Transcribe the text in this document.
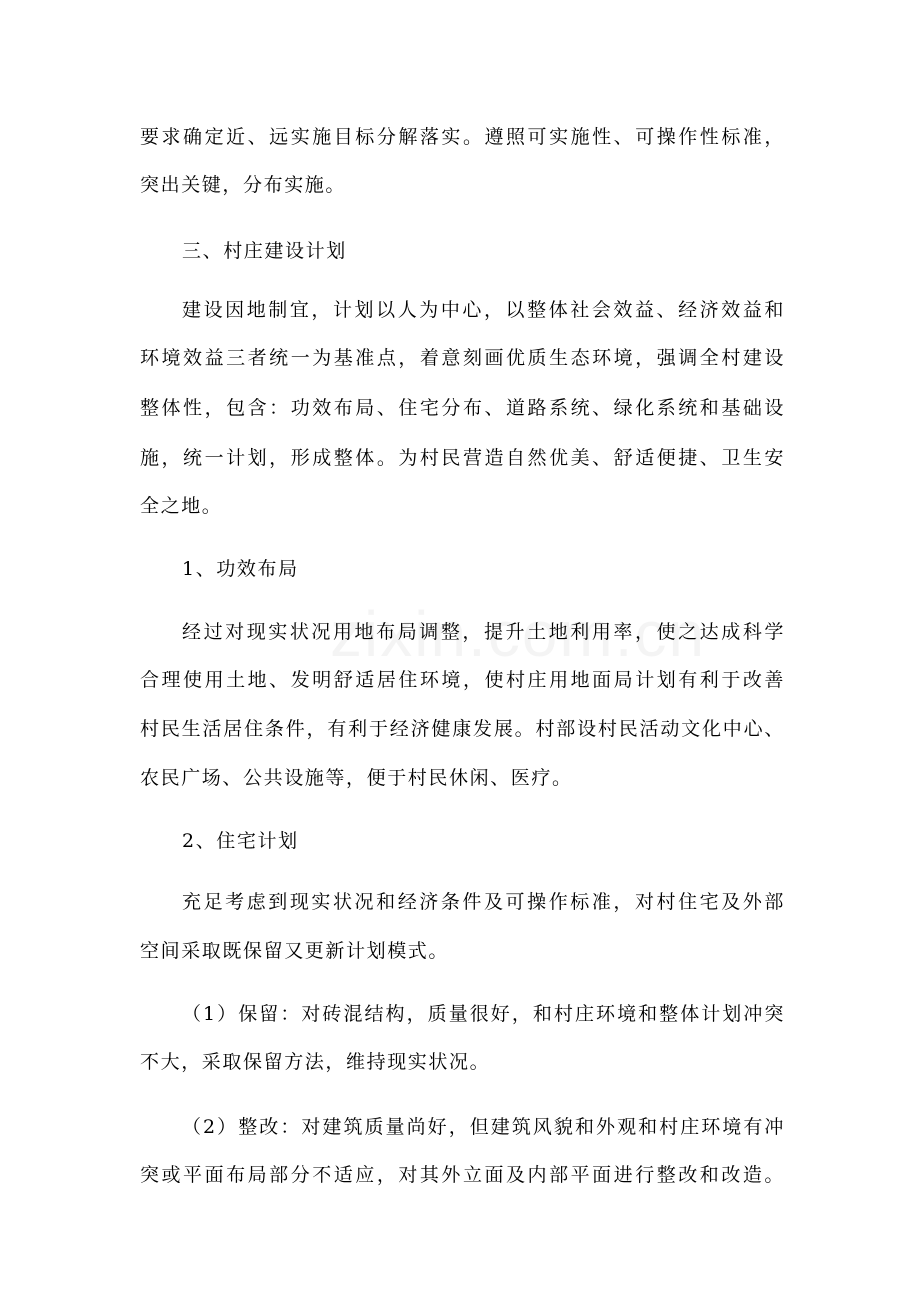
要求确定近、远实施目标分解落实。遵照可实施性、可操作性标准，
突出关键，分布实施。
三、村庄建设计划
建设因地制宜，计划以人为中心，以整体社会效益、经济效益和
环境效益三者统一为基准点，着意刻画优质生态环境，强调全村建设
整体性，包含：功效布局、住宅分布、道路系统、绿化系统和基础设
施，统一计划，形成整体。为村民营造自然优美、舒适便捷、卫生安
全之地。
1、功效布局
经过对现实状况用地布局调整，提升土地利用率，使之达成科学
合理使用土地、发明舒适居住环境，使村庄用地面局计划有利于改善
村民生活居住条件，有利于经济健康发展。村部设村民活动文化中心、
农民广场、公共设施等，便于村民休闲、医疗。
2、住宅计划
充足考虑到现实状况和经济条件及可操作标准，对村住宅及外部
空间采取既保留又更新计划模式。
（1）保留：对砖混结构，质量很好，和村庄环境和整体计划冲突
不大，采取保留方法，维持现实状况。
（2）整改：对建筑质量尚好，但建筑风貌和外观和村庄环境有冲
突或平面布局部分不适应，对其外立面及内部平面进行整改和改造。
